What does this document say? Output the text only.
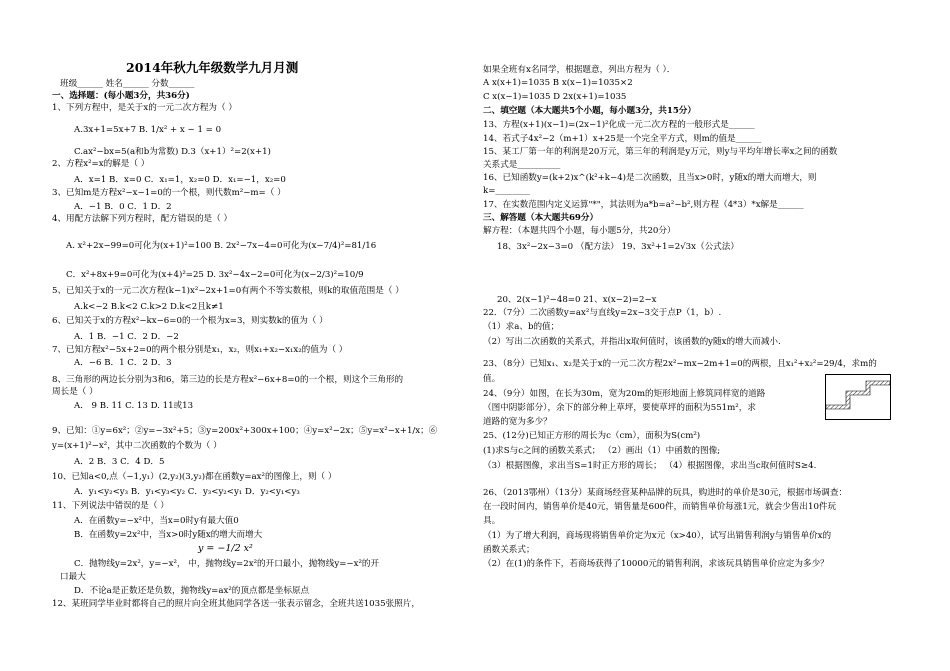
2014年秋九年级数学九月月测
班级______ 姓名______ 分数______
一、选择题：(每小题3分，共36分)
1、下列方程中，是关于x的一元二次方程为（ ）
A.3x+1=5x+7 B. 1/x² + x − 1 = 0
C.ax²−bx=5(a和b为常数) D.3（x+1）²=2(x+1)
2、方程x²=x的解是（ ）
A．x=1 B．x=0 C．x₁=1，x₂=0 D．x₁=−1，x₂=0
3、已知m是方程x²−x−1=0的一个根，则代数m²−m=（ ）
A．−1 B．0 C．1 D．2
4、用配方法解下列方程时，配方错误的是（ ）
A. x²+2x−99=0可化为(x+1)²=100 B. 2x²−7x−4=0可化为(x−7/4)²=81/16
C．x²+8x+9=0可化为(x+4)²=25 D. 3x²−4x−2=0可化为(x−2/3)²=10/9
5、已知关于x的一元二次方程(k−1)x²−2x+1=0有两个不等实数根，则k的取值范围是（ ）
A.k<−2 B.k<2 C.k>2 D.k<2且k≠1
6、已知关于x的方程x²−kx−6=0的一个根为x=3，则实数k的值为（ ）
A．1 B．−1 C．2 D．−2
7、已知方程x²−5x+2=0的两个根分别是x₁，x₂，则x₁+x₂−x₁x₂的值为（ ）
A．−6 B．1 C．2 D．3
8、三角形的两边长分别为3和6，第三边的长是方程x²−6x+8=0的一个根，则这个三角形的
周长是（ ）
A． 9 B. 11 C. 13 D. 11或13
9、已知：①y=6x²；②y=−3x²+5；③y=200x²+300x+100；④y=x²−2x；⑤y=x²−x+1/x；⑥
y=(x+1)²−x²，其中二次函数的个数为（ ）
A．2 B．3 C．4 D．5
10、已知a<0,点（−1,y₁）(2,y₂)(3,y₂)都在函数y=ax²的图像上，则（ ）
A．y₁<y₂<y₃ B．y₁<y₃<y₂ C．y₃<y₂<y₁ D．y₂<y₁<y₃
11、下列说法中错误的是（ ）
A．在函数y=−x²中，当x=0时y有最大值0
B．在函数y=2x²中，当x>0时y随x的增大而增大
y = −1/2 x²
C．抛物线y=2x²，y=−x²， 中，抛物线y=2x²的开口最小，抛物线y=−x²的开
口最大
D．不论a是正数还是负数，抛物线y=ax²的顶点都是坐标原点
12、某班同学毕业时都将自己的照片向全班其他同学各送一张表示留念，全班共送1035张照片，
如果全班有x名同学，根据题意，列出方程为（ ）．
A x(x+1)=1035 B x(x−1)=1035×2
C x(x−1)=1035 D 2x(x+1)=1035
二、填空题（本大题共5个小题，每小题3分，共15分）
13、方程(x+1)(x−1)=(2x−1)²化成一元二次方程的一般形式是______
14、若式子4x²−2（m+1）x+25是一个完全平方式，则m的值是______
15、某工厂第一年的利润是20万元，第三年的利润是y万元，则y与平均年增长率x之间的函数
关系式是__________
16、已知函数y=(k+2)x^(k²+k−4)是二次函数，且当x>0时，y随x的增大而增大，则
k=________
17、在实数范围内定义运算"*"，其法则为a*b=a²−b²,则方程（4*3）*x解是______
三、解答题（本大题共69分）
解方程：（本题共四个小题，每小题5分，共20分）
18、3x²−2x−3=0 （配方法） 19、3x²+1=2√3x（公式法）
20、2(x−1)²−48=0 21、x(x−2)=2−x
22．（7分）二次函数y=ax²与直线y=2x−3交于点P（1，b）.
（1）求a、b的值；
（2）写出二次函数的关系式，并指出x取何值时，该函数的y随x的增大而减小.
23、（8分）已知x₁、x₂是关于x的一元二次方程2x²−mx−2m+1=0的两根，且x₁²+x₂²=29/4，求m的
值。
24、（9分）如图，在长为30m，宽为20m的矩形地面上修筑同样宽的道路
（图中阴影部分），余下的部分种上草坪，要使草坪的面积为551m²，求
道路的宽为多少？
25、(12分)已知正方形的周长为c（cm），面积为S(cm²)
(1)求S与c之间的函数关系式； （2）画出（1）中函数的图像;
（3）根据图像，求出当S=1时正方形的周长； （4）根据图像，求出当c取何值时S≥4.
26、（2013鄂州）（13分）某商场经营某种品牌的玩具，购进时的单价是30元，根据市场调查：
在一段时间内，销售单价是40元，销售量是600件，而销售单价每涨1元，就会少售出10件玩
具。
（1）为了增大利润，商场现将销售单价定为x元（x>40），试写出销售利润y与销售单价x的
函数关系式；
（2）在(1)的条件下，若商场获得了10000元的销售利润，求该玩具销售单价应定为多少？
